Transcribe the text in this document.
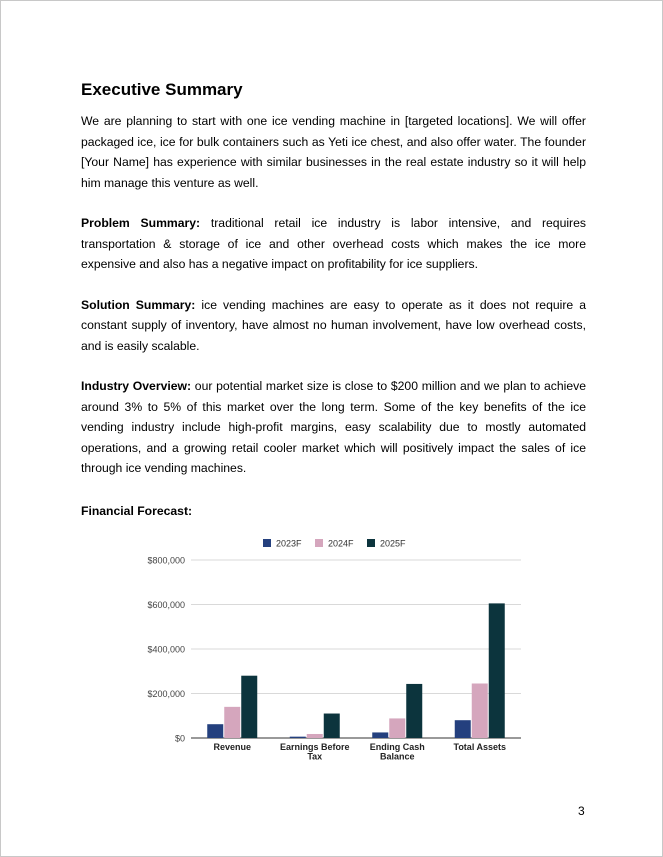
Executive Summary

We are planning to start with one ice vending machine in [targeted locations]. We will offer packaged ice, ice for bulk containers such as Yeti ice chest, and also offer water. The founder [Your Name] has experience with similar businesses in the real estate industry so it will help him manage this venture as well.

Problem Summary: traditional retail ice industry is labor intensive, and requires transportation & storage of ice and other overhead costs which makes the ice more expensive and also has a negative impact on profitability for ice suppliers.

Solution Summary: ice vending machines are easy to operate as it does not require a constant supply of inventory, have almost no human involvement, have low overhead costs, and is easily scalable.

Industry Overview: our potential market size is close to $200 million and we plan to achieve around 3% to 5% of this market over the long term. Some of the key benefits of the ice vending industry include high-profit margins, easy scalability due to mostly automated operations, and a growing retail cooler market which will positively impact the sales of ice through ice vending machines.

Financial Forecast:
$0
$200,000
$400,000
$600,000
$800,000
2023F	2024F	2025F
Revenue	Earnings Before
Tax
Ending Cash
Balance
Total Assets
3
